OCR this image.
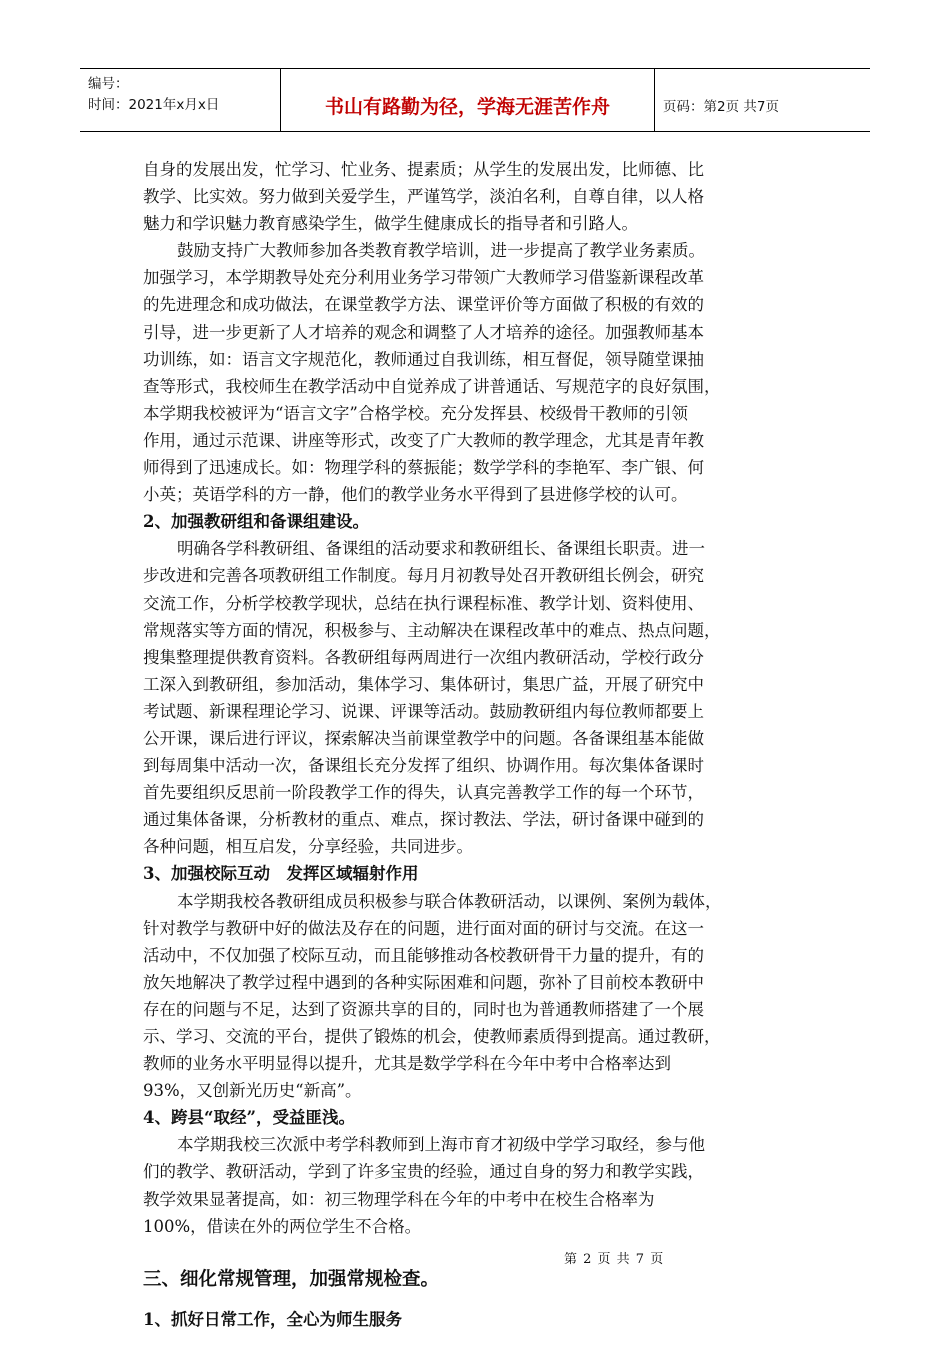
编号：
时间：2021年x月x日	书山有路勤为径，学海无涯苦作舟	页码：第2页 共7页
自身的发展出发，忙学习、忙业务、提素质；从学生的发展出发，比师德、比
教学、比实效。努力做到关爱学生，严谨笃学，淡泊名利，自尊自律，以人格
魅力和学识魅力教育感染学生，做学生健康成长的指导者和引路人。
鼓励支持广大教师参加各类教育教学培训，进一步提高了教学业务素质。
加强学习，本学期教导处充分利用业务学习带领广大教师学习借鉴新课程改革
的先进理念和成功做法，在课堂教学方法、课堂评价等方面做了积极的有效的
引导，进一步更新了人才培养的观念和调整了人才培养的途径。加强教师基本
功训练，如：语言文字规范化，教师通过自我训练，相互督促，领导随堂课抽
查等形式，我校师生在教学活动中自觉养成了讲普通话、写规范字的良好氛围，
本学期我校被评为“语言文字”合格学校。充分发挥县、校级骨干教师的引领
作用，通过示范课、讲座等形式，改变了广大教师的教学理念，尤其是青年教
师得到了迅速成长。如：物理学科的蔡振能；数学学科的李艳军、李广银、何
小英；英语学科的方一静，他们的教学业务水平得到了县进修学校的认可。
2、加强教研组和备课组建设。
明确各学科教研组、备课组的活动要求和教研组长、备课组长职责。进一
步改进和完善各项教研组工作制度。每月月初教导处召开教研组长例会，研究
交流工作，分析学校教学现状，总结在执行课程标准、教学计划、资料使用、
常规落实等方面的情况，积极参与、主动解决在课程改革中的难点、热点问题，
搜集整理提供教育资料。各教研组每两周进行一次组内教研活动，学校行政分
工深入到教研组，参加活动，集体学习、集体研讨，集思广益，开展了研究中
考试题、新课程理论学习、说课、评课等活动。鼓励教研组内每位教师都要上
公开课，课后进行评议，探索解决当前课堂教学中的问题。各备课组基本能做
到每周集中活动一次，备课组长充分发挥了组织、协调作用。每次集体备课时
首先要组织反思前一阶段教学工作的得失，认真完善教学工作的每一个环节，
通过集体备课，分析教材的重点、难点，探讨教法、学法，研讨备课中碰到的
各种问题，相互启发，分享经验，共同进步。
3、加强校际互动　发挥区域辐射作用
本学期我校各教研组成员积极参与联合体教研活动，以课例、案例为载体，
针对教学与教研中好的做法及存在的问题，进行面对面的研讨与交流。在这一
活动中，不仅加强了校际互动，而且能够推动各校教研骨干力量的提升，有的
放矢地解决了教学过程中遇到的各种实际困难和问题，弥补了目前校本教研中
存在的问题与不足，达到了资源共享的目的，同时也为普通教师搭建了一个展
示、学习、交流的平台，提供了锻炼的机会，使教师素质得到提高。通过教研，
教师的业务水平明显得以提升，尤其是数学学科在今年中考中合格率达到
93%，又创新光历史“新高”。
4、跨县“取经”，受益匪浅。
本学期我校三次派中考学科教师到上海市育才初级中学学习取经，参与他
们的教学、教研活动，学到了许多宝贵的经验，通过自身的努力和教学实践，
教学效果显著提高，如：初三物理学科在今年的中考中在校生合格率为
100%，借读在外的两位学生不合格。
三、细化常规管理，加强常规检查。
1、抓好日常工作，全心为师生服务
第 2 页 共 7 页
